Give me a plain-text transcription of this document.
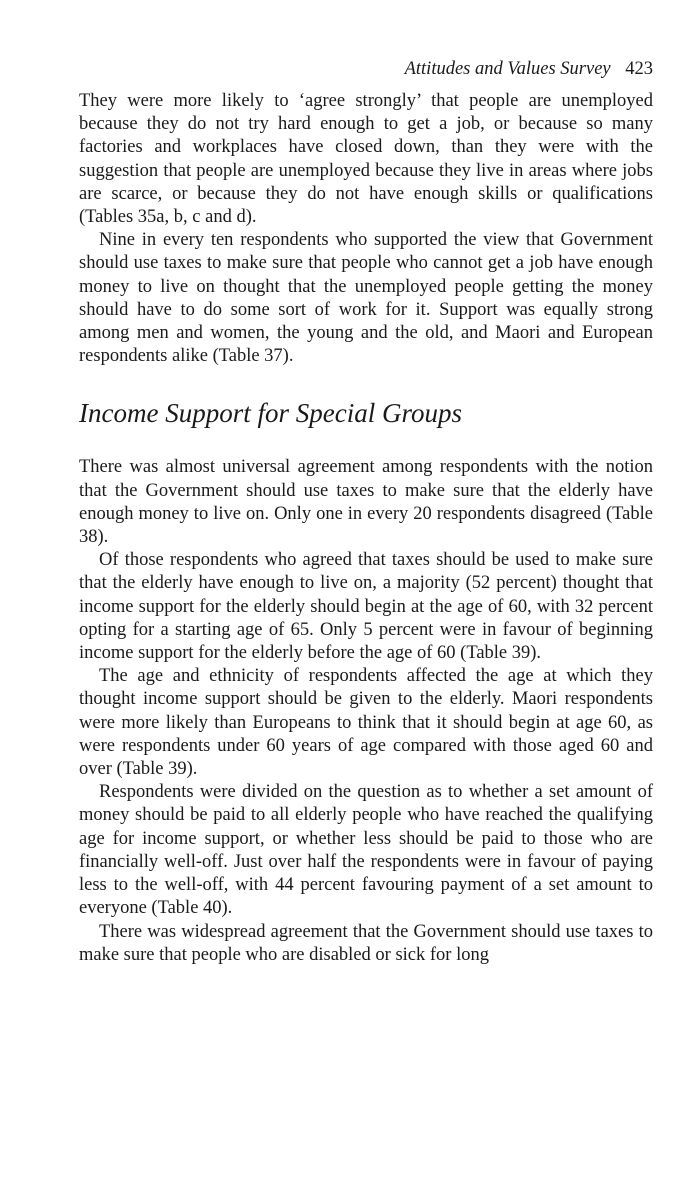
Attitudes and Values Survey 423

They were more likely to ‘agree strongly’ that people are unemployed because they do not try hard enough to get a job, or because so many factories and workplaces have closed down, than they were with the suggestion that people are unemployed because they live in areas where jobs are scarce, or because they do not have enough skills or qualifications (Tables 35a, b, c and d).

Nine in every ten respondents who supported the view that Government should use taxes to make sure that people who cannot get a job have enough money to live on thought that the unemployed people getting the money should have to do some sort of work for it. Support was equally strong among men and women, the young and the old, and Maori and European respondents alike (Table 37).

Income Support for Special Groups

There was almost universal agreement among respondents with the notion that the Government should use taxes to make sure that the elderly have enough money to live on. Only one in every 20 respondents disagreed (Table 38).

Of those respondents who agreed that taxes should be used to make sure that the elderly have enough to live on, a majority (52 percent) thought that income support for the elderly should begin at the age of 60, with 32 percent opting for a starting age of 65. Only 5 percent were in favour of beginning income support for the elderly before the age of 60 (Table 39).

The age and ethnicity of respondents affected the age at which they thought income support should be given to the elderly. Maori respondents were more likely than Europeans to think that it should begin at age 60, as were respondents under 60 years of age compared with those aged 60 and over (Table 39).

Respondents were divided on the question as to whether a set amount of money should be paid to all elderly people who have reached the qualifying age for income support, or whether less should be paid to those who are financially well-off. Just over half the respondents were in favour of paying less to the well-off, with 44 percent favouring payment of a set amount to everyone (Table 40).

There was widespread agreement that the Government should use taxes to make sure that people who are disabled or sick for long
